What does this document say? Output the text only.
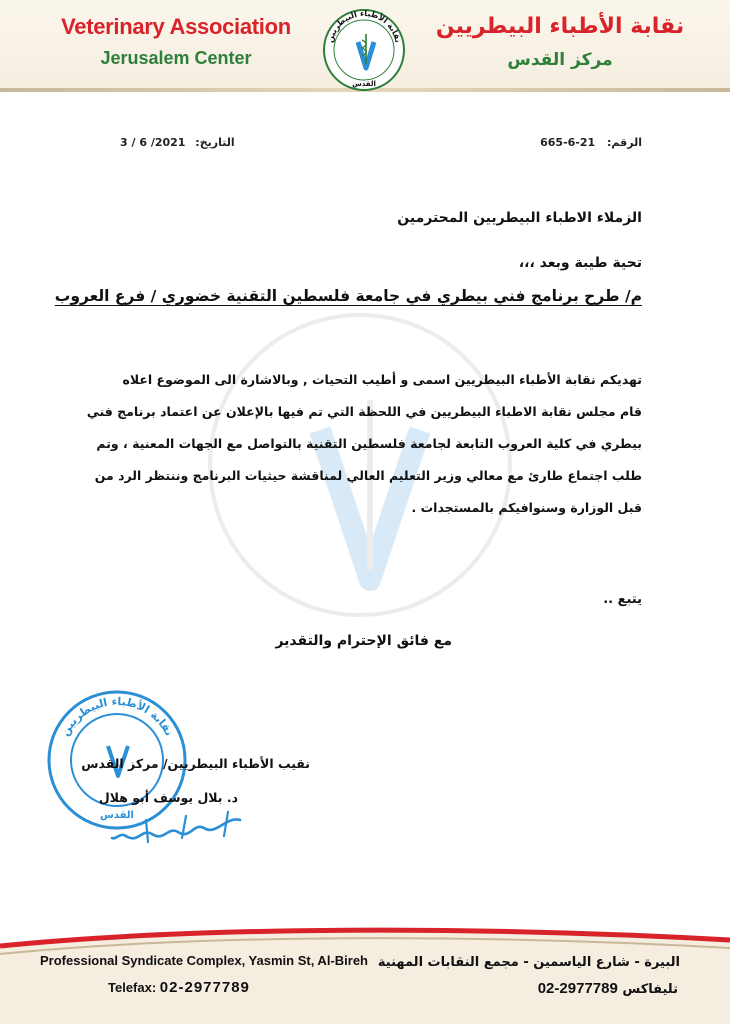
Veterinary Association
Jerusalem Center
نقابة الأطباء البيطريين
مركز القدس
نقابة الأطباء البيطريين
القدس
الرقم: 665-6-21
التاريخ: 3 / 6 /2021
الزملاء الاطباء البيطريين المحترمين
تحية طيبة وبعد ،،،
م/ طرح برنامج فني بيطري في جامعة فلسطين التقنية خضوري / فرع العروب
تهديكم نقابة الأطباء البيطريين اسمى و أطيب التحيات , وبالاشارة الى الموضوع اعلاه
قام مجلس نقابة الاطباء البيطريين في اللحظة التي تم فيها بالإعلان عن اعتماد برنامج فني
بيطري في كلية العروب التابعة لجامعة فلسطين التقنية بالتواصل مع الجهات المعنية ، وتم
طلب اجتماع طارئ مع معالي وزير التعليم العالي لمناقشة حيثيات البرنامج وننتظر الرد من
قبل الوزارة وسنوافيكم بالمستجدات .
يتبع ..
مع فائق الإحترام والتقدير
نقابة الأطباء البيطريين
القدس
نقيب الأطباء البيطريين/ مركز القدس
د. بلال يوسف أبو هلال
Professional Syndicate Complex, Yasmin St, Al-Bireh
Telefax: 02-2977789
البيرة - شارع الياسمين - مجمع النقابات المهنية
تليفاكس 02-2977789
